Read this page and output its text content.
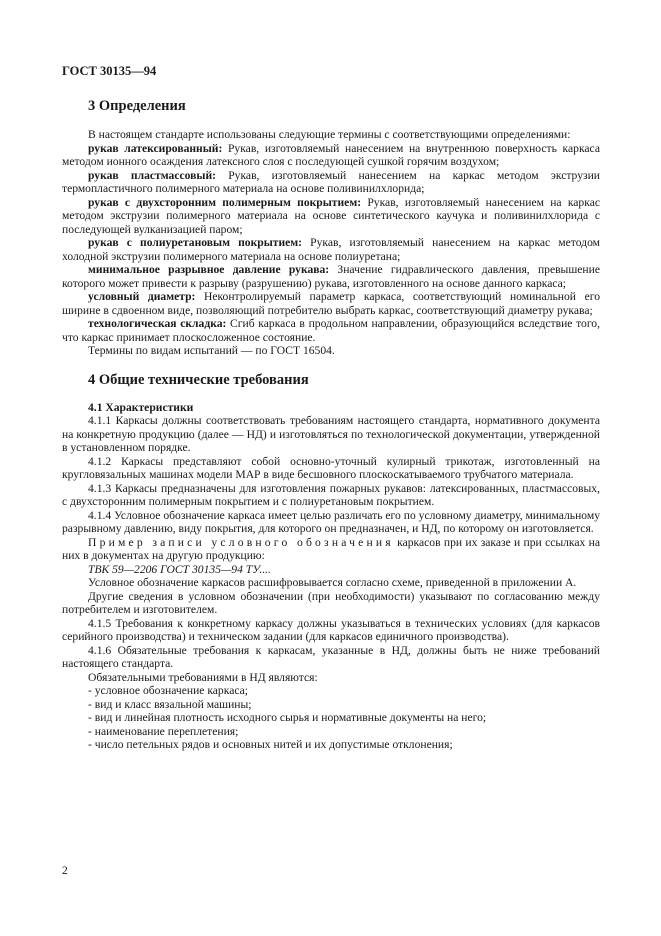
ГОСТ 30135—94
3 Определения

В настоящем стандарте использованы следующие термины с соответствующими определениями:

рукав латексированный: Рукав, изготовляемый нанесением на внутреннюю поверхность каркаса методом ионного осаждения латексного слоя с последующей сушкой горячим воздухом;

рукав пластмассовый: Рукав, изготовляемый нанесением на каркас методом экструзии термопластичного полимерного материала на основе поливинилхлорида;

рукав с двухсторонним полимерным покрытием: Рукав, изготовляемый нанесением на каркас методом экструзии полимерного материала на основе синтетического каучука и поливинилхлорида с последующей вулканизацией паром;

рукав с полиуретановым покрытием: Рукав, изготовляемый нанесением на каркас методом холодной экструзии полимерного материала на основе полиуретана;

минимальное разрывное давление рукава: Значение гидравлического давления, превышение которого может привести к разрыву (разрушению) рукава, изготовленного на основе данного каркаса;

условный диаметр: Неконтролируемый параметр каркаса, соответствующий номинальной его ширине в сдвоенном виде, позволяющий потребителю выбрать каркас, соответствующий диаметру рукава;

технологическая складка: Сгиб каркаса в продольном направлении, образующийся вследствие того, что каркас принимает плоскосложенное состояние.

Термины по видам испытаний — по ГОСТ 16504.

4 Общие технические требования

4.1 Характеристики

4.1.1 Каркасы должны соответствовать требованиям настоящего стандарта, нормативного документа на конкретную продукцию (далее — НД) и изготовляться по технологической документации, утвержденной в установленном порядке.

4.1.2 Каркасы представляют собой основно-уточный кулирный трикотаж, изготовленный на кругловязальных машинах модели МАР в виде бесшовного плоскоскатываемого трубчатого материала.

4.1.3 Каркасы предназначены для изготовления пожарных рукавов: латексированных, пластмассовых, с двухсторонним полимерным покрытием и с полиуретановым покрытием.

4.1.4 Условное обозначение каркаса имеет целью различать его по условному диаметру, минимальному разрывному давлению, виду покрытия, для которого он предназначен, и НД, по которому он изготовляется.

Пример записи условного обозначения каркасов при их заказе и при ссылках на них в документах на другую продукцию:

ТВК 59—2206 ГОСТ 30135—94 ТУ....

Условное обозначение каркасов расшифровывается согласно схеме, приведенной в приложении А.

Другие сведения в условном обозначении (при необходимости) указывают по согласованию между потребителем и изготовителем.

4.1.5 Требования к конкретному каркасу должны указываться в технических условиях (для каркасов серийного производства) и техническом задании (для каркасов единичного производства).

4.1.6 Обязательные требования к каркасам, указанные в НД, должны быть не ниже требований настоящего стандарта.

Обязательными требованиями в НД являются:

- условное обозначение каркаса;

- вид и класс вязальной машины;

- вид и линейная плотность исходного сырья и нормативные документы на него;

- наименование переплетения;

- число петельных рядов и основных нитей и их допустимые отклонения;

2
